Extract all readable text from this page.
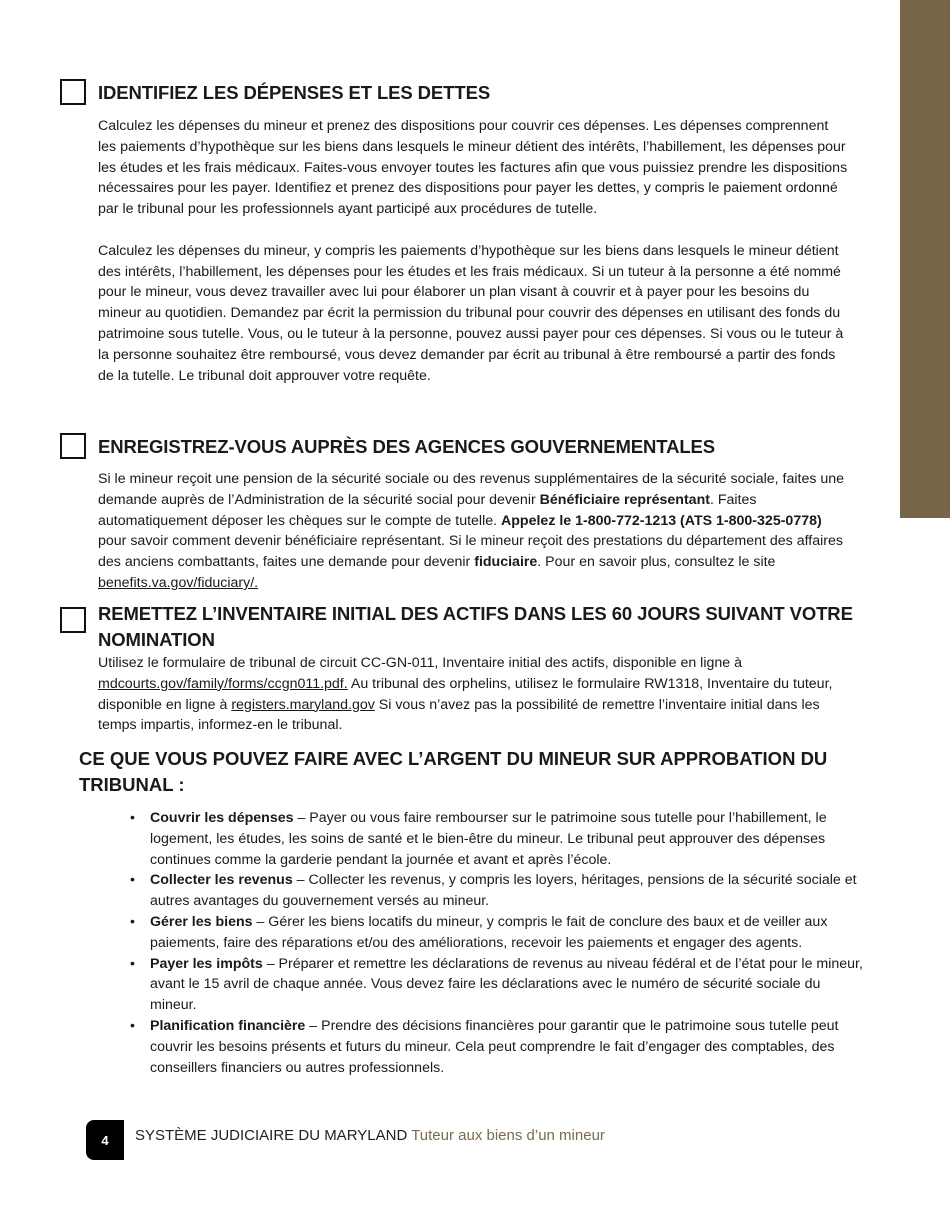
IDENTIFIEZ LES DÉPENSES ET LES DETTES

Calculez les dépenses du mineur et prenez des dispositions pour couvrir ces dépenses. Les dépenses comprennent les paiements d’hypothèque sur les biens dans lesquels le mineur détient des intérêts, l’habillement, les dépenses pour les études et les frais médicaux. Faites-vous envoyer toutes les factures afin que vous puissiez prendre les dispositions nécessaires pour les payer. Identifiez et prenez des dispositions pour payer les dettes, y compris le paiement ordonné par le tribunal pour les professionnels ayant participé aux procédures de tutelle.

Calculez les dépenses du mineur, y compris les paiements d’hypothèque sur les biens dans lesquels le mineur détient des intérêts, l’habillement, les dépenses pour les études et les frais médicaux. Si un tuteur à la personne a été nommé pour le mineur, vous devez travailler avec lui pour élaborer un plan visant à couvrir et à payer pour les besoins du mineur au quotidien. Demandez par écrit la permission du tribunal pour couvrir des dépenses en utilisant des fonds du patrimoine sous tutelle. Vous, ou le tuteur à la personne, pouvez aussi payer pour ces dépenses. Si vous ou le tuteur à la personne souhaitez être remboursé, vous devez demander par écrit au tribunal à être remboursé a partir des fonds de la tutelle. Le tribunal doit approuver votre requête.

ENREGISTREZ-VOUS AUPRÈS DES AGENCES GOUVERNEMENTALES

Si le mineur reçoit une pension de la sécurité sociale ou des revenus supplémentaires de la sécurité sociale, faites une demande auprès de l’Administration de la sécurité social pour devenir Bénéficiaire représentant. Faites automatiquement déposer les chèques sur le compte de tutelle. Appelez le 1-800-772-1213 (ATS 1-800-325-0778) pour savoir comment devenir bénéficiaire représentant. Si le mineur reçoit des prestations du département des affaires des anciens combattants, faites une demande pour devenir fiduciaire. Pour en savoir plus, consultez le site benefits.va.gov/fiduciary/.

REMETTEZ L’INVENTAIRE INITIAL DES ACTIFS DANS LES 60 JOURS SUIVANT VOTRE NOMINATION

Utilisez le formulaire de tribunal de circuit CC-GN-011, Inventaire initial des actifs, disponible en ligne à mdcourts.gov/family/forms/ccgn011.pdf. Au tribunal des orphelins, utilisez le formulaire RW1318, Inventaire du tuteur, disponible en ligne à registers.maryland.gov Si vous n’avez pas la possibilité de remettre l’inventaire initial dans les temps impartis, informez-en le tribunal.

CE QUE VOUS POUVEZ FAIRE AVEC L’ARGENT DU MINEUR SUR APPROBATION DU TRIBUNAL :
• Couvrir les dépenses – Payer ou vous faire rembourser sur le patrimoine sous tutelle pour l’habillement, le logement, les études, les soins de santé et le bien-être du mineur. Le tribunal peut approuver des dépenses continues comme la garderie pendant la journée et avant et après l’école.
• Collecter les revenus – Collecter les revenus, y compris les loyers, héritages, pensions de la sécurité sociale et autres avantages du gouvernement versés au mineur.
• Gérer les biens – Gérer les biens locatifs du mineur, y compris le fait de conclure des baux et de veiller aux paiements, faire des réparations et/ou des améliorations, recevoir les paiements et engager des agents.
• Payer les impôts – Préparer et remettre les déclarations de revenus au niveau fédéral et de l’état pour le mineur, avant le 15 avril de chaque année. Vous devez faire les déclarations avec le numéro de sécurité sociale du mineur.
• Planification financière – Prendre des décisions financières pour garantir que le patrimoine sous tutelle peut couvrir les besoins présents et futurs du mineur. Cela peut comprendre le fait d’engager des comptables, des conseillers financiers ou autres professionnels.
4	SYSTÈME JUDICIAIRE DU MARYLAND Tuteur aux biens d’un mineur
